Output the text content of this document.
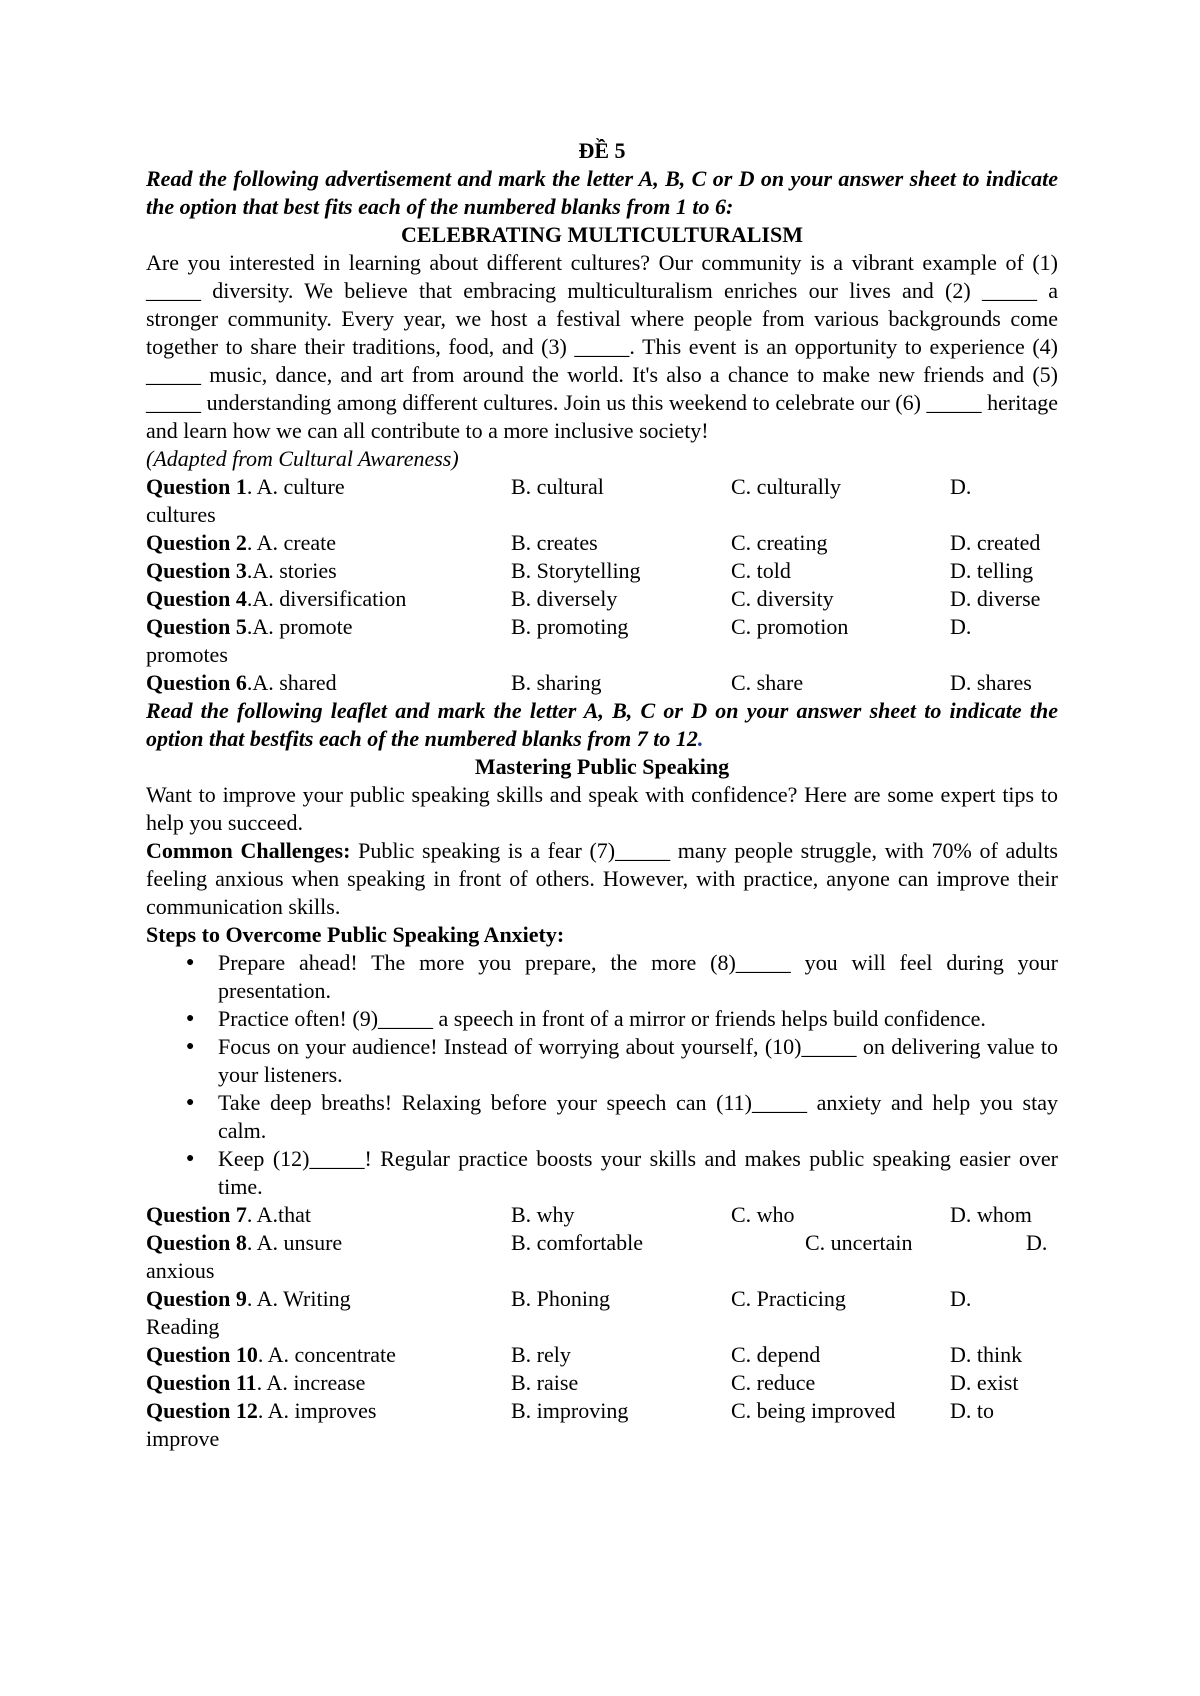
ĐỀ 5
Read the following advertisement and mark the letter A, B, C or D on your answer sheet to indicate the option that best fits each of the numbered blanks from 1 to 6:
CELEBRATING MULTICULTURALISM
Are you interested in learning about different cultures? Our community is a vibrant example of (1) _____ diversity. We believe that embracing multiculturalism enriches our lives and (2) _____ a stronger community. Every year, we host a festival where people from various backgrounds come together to share their traditions, food, and (3) _____. This event is an opportunity to experience (4) _____ music, dance, and art from around the world. It's also a chance to make new friends and (5) _____ understanding among different cultures. Join us this weekend to celebrate our (6) _____ heritage and learn how we can all contribute to a more inclusive society!
(Adapted from Cultural Awareness)
Question 1. A. culture	B. cultural	C. culturally	D.
cultures
Question 2. A. create	B. creates	C. creating	D. created
Question 3.A. stories	B. Storytelling	C. told	D. telling
Question 4.A. diversification	B. diversely	C. diversity	D. diverse
Question 5.A. promote	B. promoting	C. promotion	D.
promotes
Question 6.A. shared	B. sharing	C. share	D. shares
Read the following leaflet and mark the letter A, B, C or D on your answer sheet to indicate the option that bestfits each of the numbered blanks from 7 to 12.
Mastering Public Speaking
Want to improve your public speaking skills and speak with confidence? Here are some expert tips to help you succeed.
Common Challenges: Public speaking is a fear (7)_____ many people struggle, with 70% of adults feeling anxious when speaking in front of others. However, with practice, anyone can improve their communication skills.
Steps to Overcome Public Speaking Anxiety:
● Prepare ahead! The more you prepare, the more (8)_____ you will feel during your presentation.
● Practice often! (9)_____ a speech in front of a mirror or friends helps build confidence.
● Focus on your audience! Instead of worrying about yourself, (10)_____ on delivering value to your listeners.
● Take deep breaths! Relaxing before your speech can (11)_____ anxiety and help you stay calm.
● Keep (12)_____! Regular practice boosts your skills and makes public speaking easier over time.
Question 7. A.that	B. why	C. who	D. whom
Question 8. A. unsure	B. comfortable	C. uncertain	D.
anxious
Question 9. A. Writing	B. Phoning	C. Practicing	D.
Reading
Question 10. A. concentrate	B. rely	C. depend	D. think
Question 11. A. increase	B. raise	C. reduce	D. exist
Question 12. A. improves	B. improving	C. being improved D. to
improve
